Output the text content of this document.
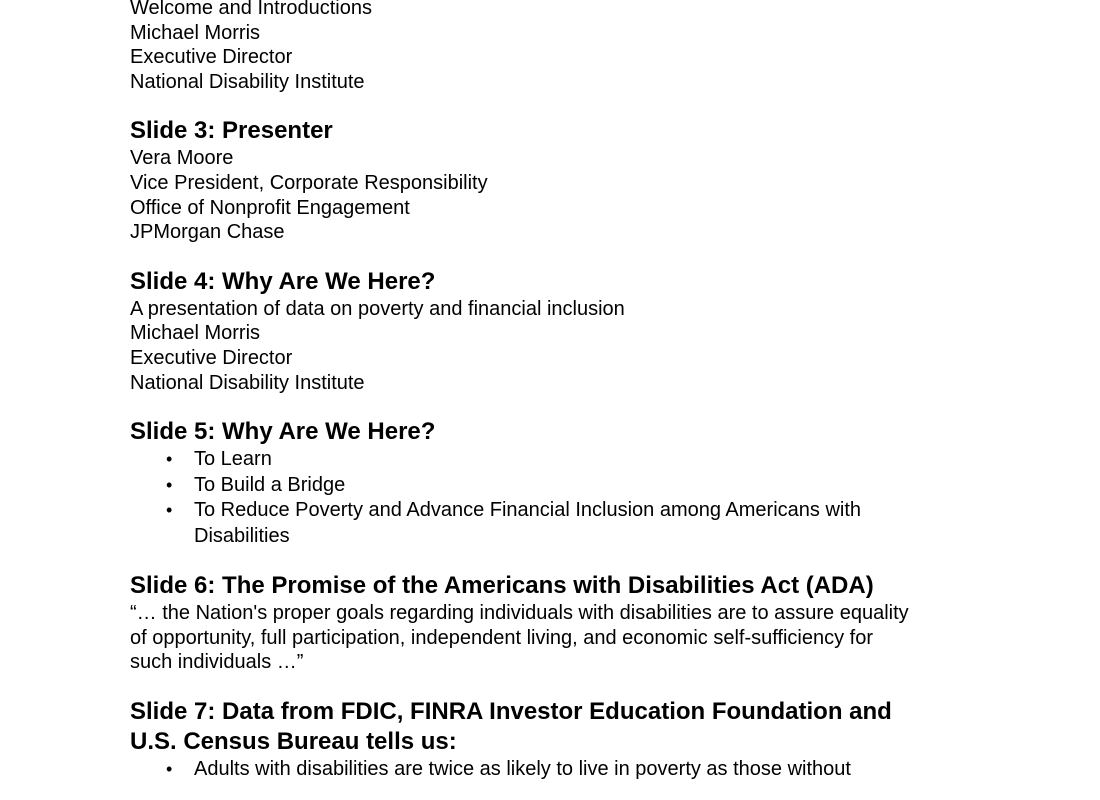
Welcome and Introductions
Michael Morris
Executive Director
National Disability Institute
Slide 3: Presenter
Vera Moore
Vice President, Corporate Responsibility
Office of Nonprofit Engagement
JPMorgan Chase
Slide 4: Why Are We Here?
A presentation of data on poverty and financial inclusion
Michael Morris
Executive Director
National Disability Institute
Slide 5: Why Are We Here?
• To Learn
• To Build a Bridge
• To Reduce Poverty and Advance Financial Inclusion among Americans with Disabilities
Slide 6: The Promise of the Americans with Disabilities Act (ADA)
“… the Nation's proper goals regarding individuals with disabilities are to assure equality
of opportunity, full participation, independent living, and economic self-sufficiency for
such individuals …”
Slide 7: Data from FDIC, FINRA Investor Education Foundation and
U.S. Census Bureau tells us:
• Adults with disabilities are twice as likely to live in poverty as those without
